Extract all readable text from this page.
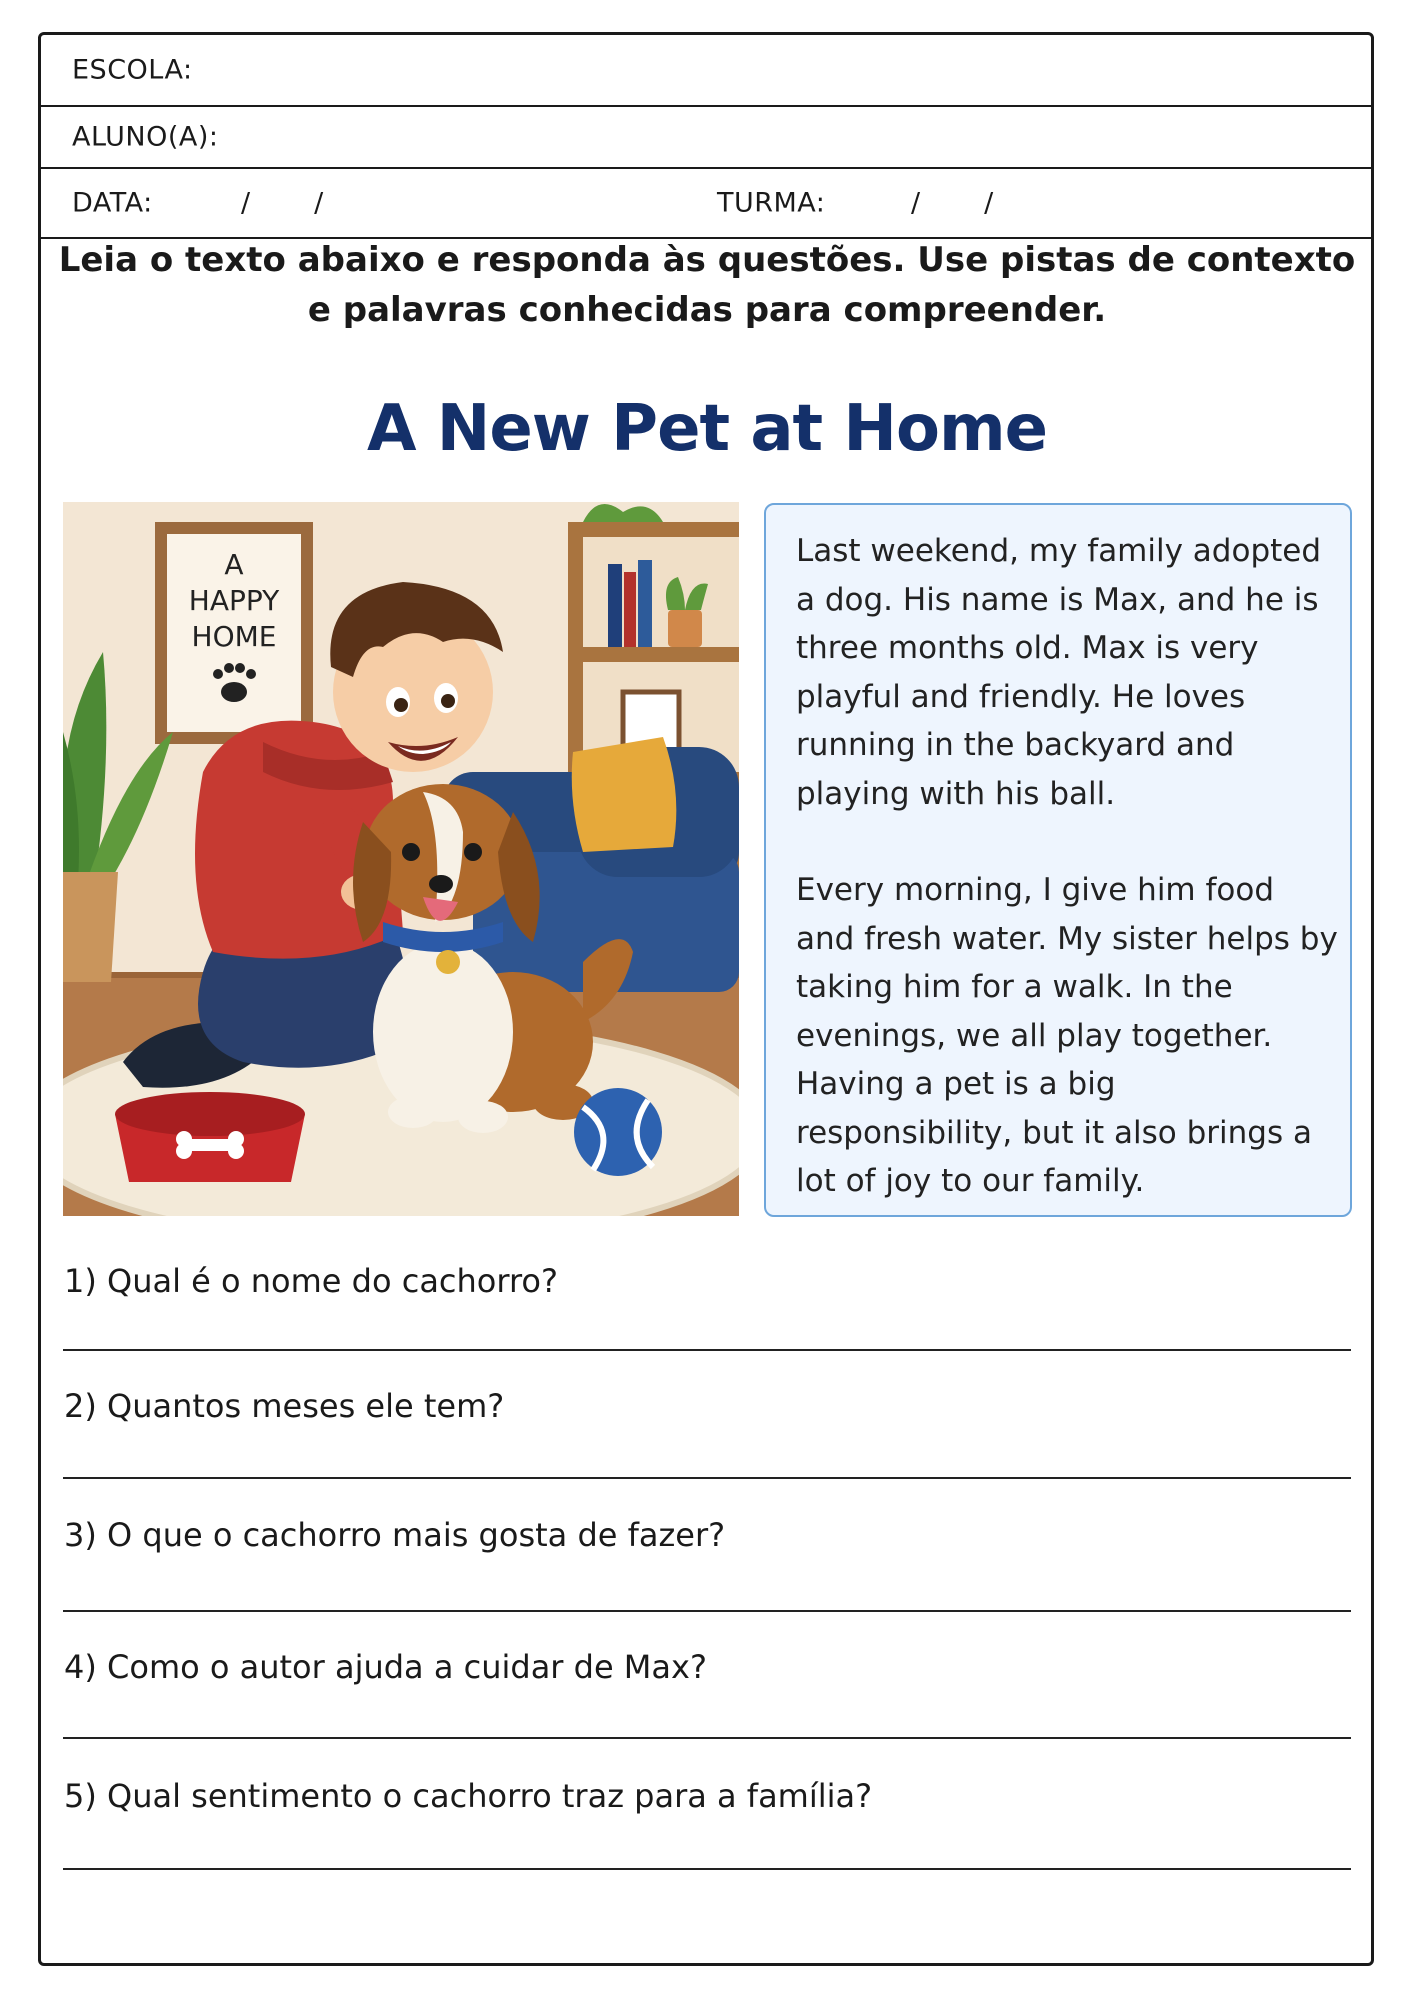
ESCOLA:
ALUNO(A):
DATA:	/       /	TURMA:	/       /
Leia o texto abaixo e responda às questões. Use pistas de contexto
e palavras conhecidas para compreender.
A New Pet at Home
A
HAPPY
HOME

Last weekend, my family adopted a dog. His name is Max, and he is three months old. Max is very playful and friendly. He loves running in the backyard and playing with his ball.

Every morning, I give him food and fresh water. My sister helps by taking him for a walk. In the evenings, we all play together. Having a pet is a big responsibility, but it also brings a lot of joy to our family.

1) Qual é o nome do cachorro?
2) Quantos meses ele tem?
3) O que o cachorro mais gosta de fazer?
4) Como o autor ajuda a cuidar de Max?
5) Qual sentimento o cachorro traz para a família?
